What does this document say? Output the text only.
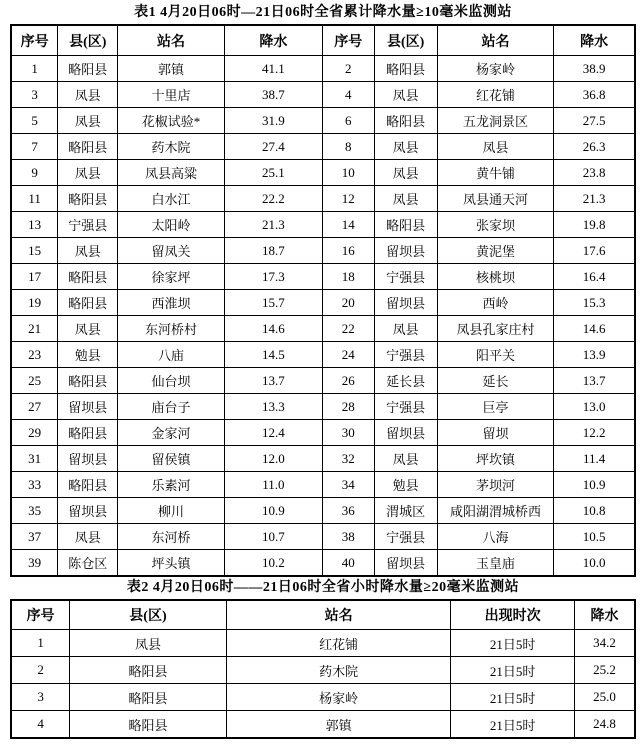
表1 4月20日06时—21日06时全省累计降水量≥10毫米监测站
序号	县(区)	站名	降水	序号	县(区)	站名	降水
1	略阳县	郭镇	41.1	2	略阳县	杨家岭	38.9
3	凤县	十里店	38.7	4	凤县	红花铺	36.8
5	凤县	花椒试验*	31.9	6	略阳县	五龙洞景区	27.5
7	略阳县	药木院	27.4	8	凤县	凤县	26.3
9	凤县	凤县高粱	25.1	10	凤县	黄牛铺	23.8
11	略阳县	白水江	22.2	12	凤县	凤县通天河	21.3
13	宁强县	太阳岭	21.3	14	略阳县	张家坝	19.8
15	凤县	留凤关	18.7	16	留坝县	黄泥堡	17.6
17	略阳县	徐家坪	17.3	18	宁强县	核桃坝	16.4
19	略阳县	西淮坝	15.7	20	留坝县	西岭	15.3
21	凤县	东河桥村	14.6	22	凤县	凤县孔家庄村	14.6
23	勉县	八庙	14.5	24	宁强县	阳平关	13.9
25	略阳县	仙台坝	13.7	26	延长县	延长	13.7
27	留坝县	庙台子	13.3	28	宁强县	巨亭	13.0
29	略阳县	金家河	12.4	30	留坝县	留坝	12.2
31	留坝县	留侯镇	12.0	32	凤县	坪坎镇	11.4
33	略阳县	乐素河	11.0	34	勉县	茅坝河	10.9
35	留坝县	柳川	10.9	36	渭城区	咸阳湖渭城桥西	10.8
37	凤县	东河桥	10.7	38	宁强县	八海	10.5
39	陈仓区	坪头镇	10.2	40	留坝县	玉皇庙	10.0
表2 4月20日06时——21日06时全省小时降水量≥20毫米监测站
序号	县(区)	站名	出现时次	降水
1	凤县	红花铺	21日5时	34.2
2	略阳县	药木院	21日5时	25.2
3	略阳县	杨家岭	21日5时	25.0
4	略阳县	郭镇	21日5时	24.8
